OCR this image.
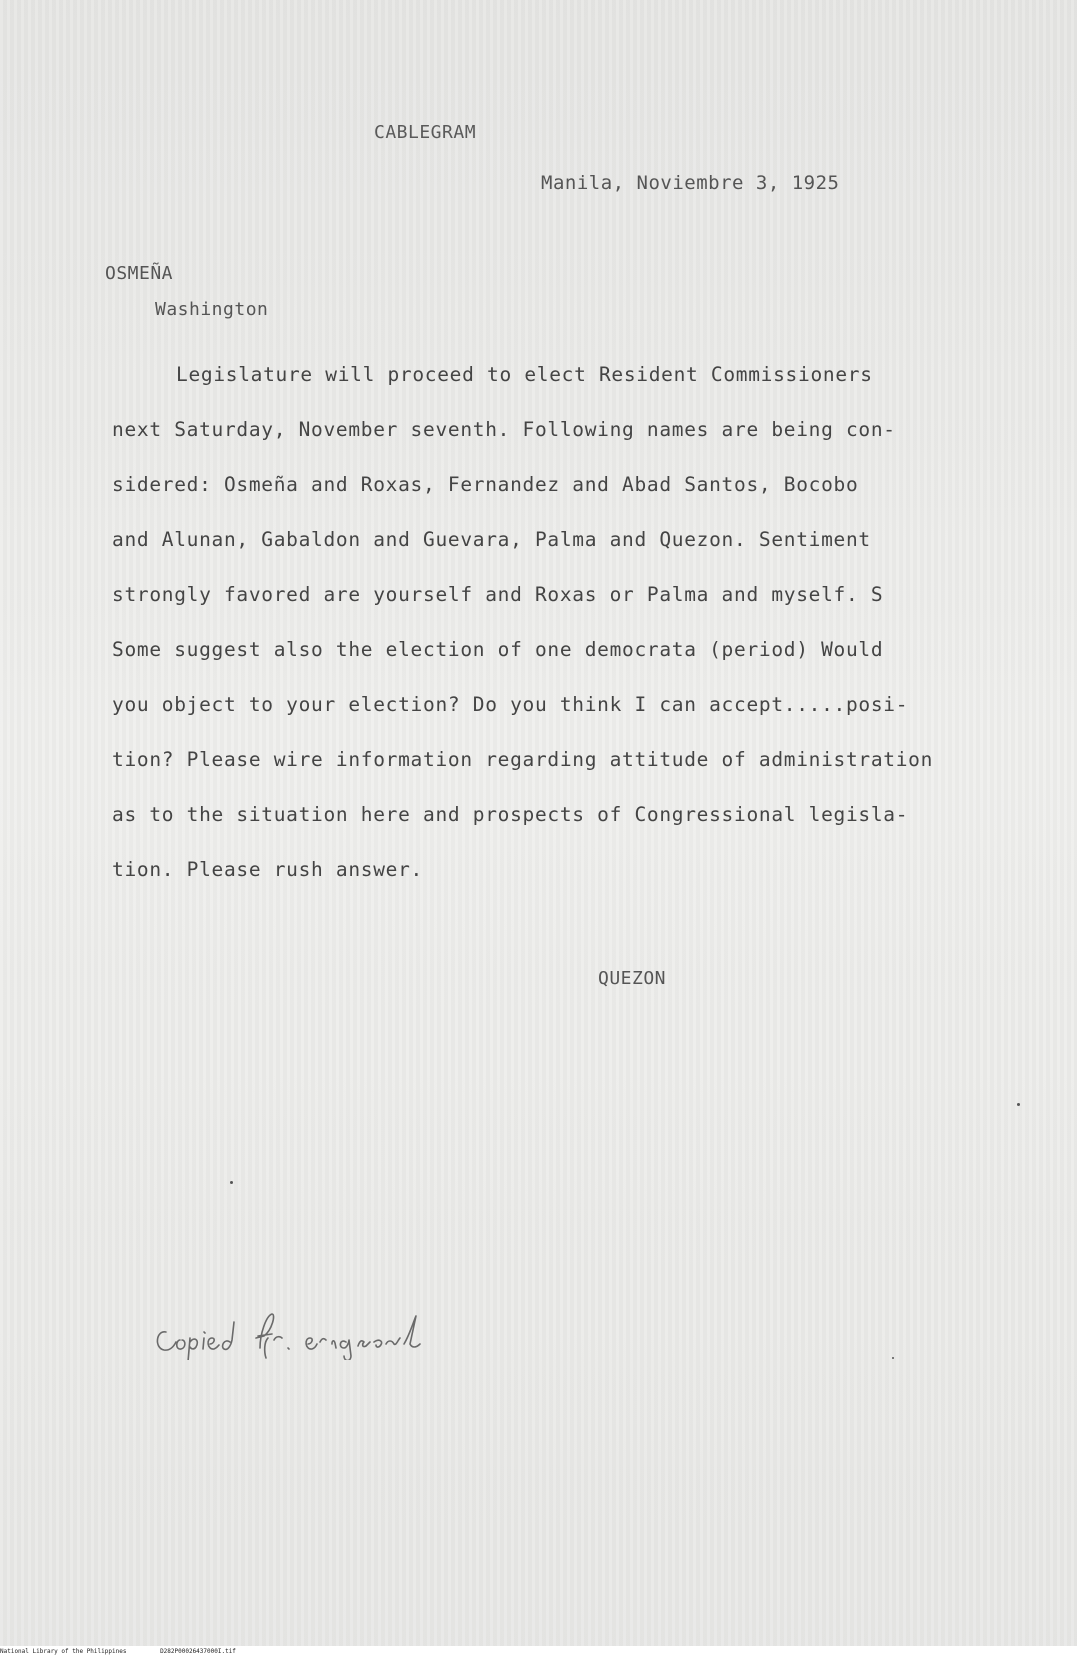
CABLEGRAM
Manila, Noviembre 3, 1925
OSMEÑA
Washington
Legislature will proceed to elect Resident Commissioners
next Saturday, November seventh. Following names are being con-
sidered: Osmeña and Roxas, Fernandez and Abad Santos, Bocobo
and Alunan, Gabaldon and Guevara, Palma and Quezon. Sentiment
strongly favored are yourself and Roxas or Palma and myself. S
Some suggest also the election of one democrata (period) Would
you object to your election? Do you think I can accept.....posi-
tion? Please wire information regarding attitude of administration
as to the situation here and prospects of Congressional legisla-
tion. Please rush answer.
QUEZON
National Library of the Philippines	D282P00026437000I.tif
